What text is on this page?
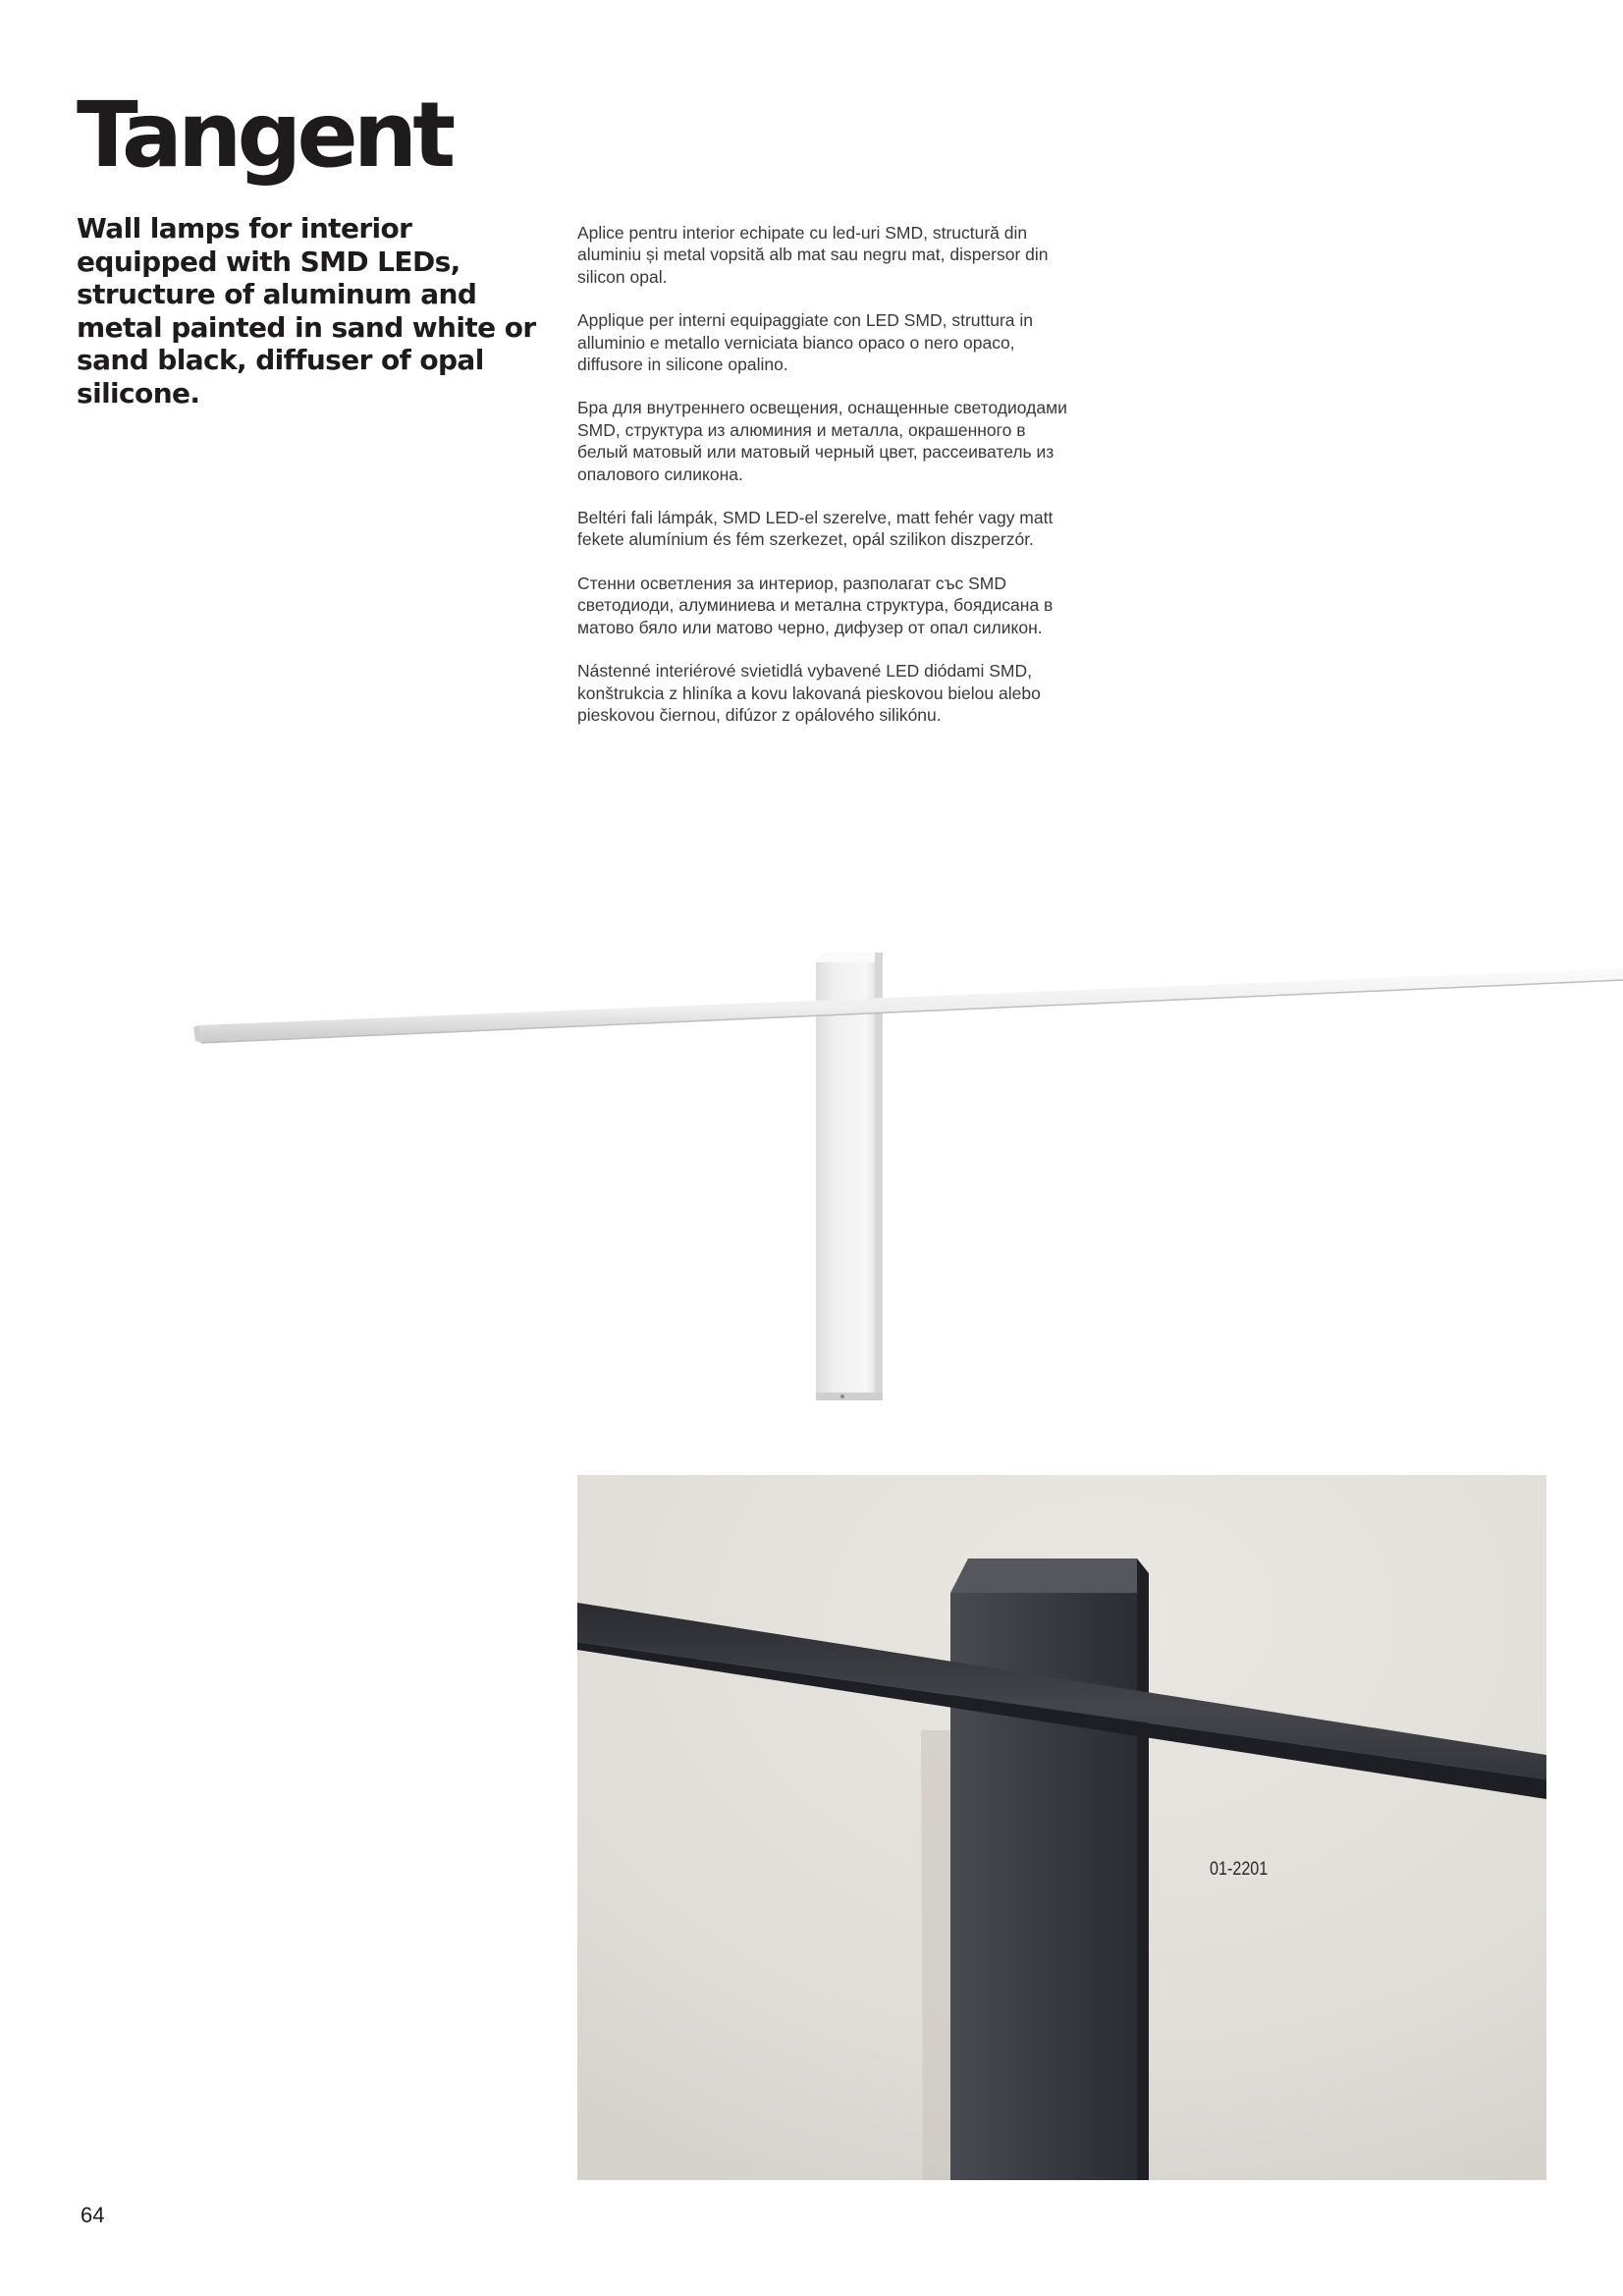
Tangent

Wall lamps for interior equipped with SMD LEDs, structure of aluminum and metal painted in sand white or sand black, diffuser of opal silicone.

Aplice pentru interior echipate cu led-uri SMD, structură din aluminiu și metal vopsită alb mat sau negru mat, dispersor din silicon opal.

Applique per interni equipaggiate con LED SMD, struttura in alluminio e metallo verniciata bianco opaco o nero opaco, diffusore in silicone opalino.

Бра для внутреннего освещения, оснащенные светодиодами SMD, структура из алюминия и металла, окрашенного в белый матовый или матовый черный цвет, рассеиватель из опалового силикона.

Beltéri fali lámpák, SMD LED-el szerelve, matt fehér vagy matt fekete alumínium és fém szerkezet, opál szilikon diszperzór.

Стенни осветления за интериор, разполагат със SMD светодиоди, алуминиева и метална структура, боядисана в матово бяло или матово черно, дифузер от опал силикон.

Nástenné interiérové svietidlá vybavené LED diódami SMD, konštrukcia z hliníka a kovu lakovaná pieskovou bielou alebo pieskovou čiernou, difúzor z opálového silikónu.

01-2201
64
